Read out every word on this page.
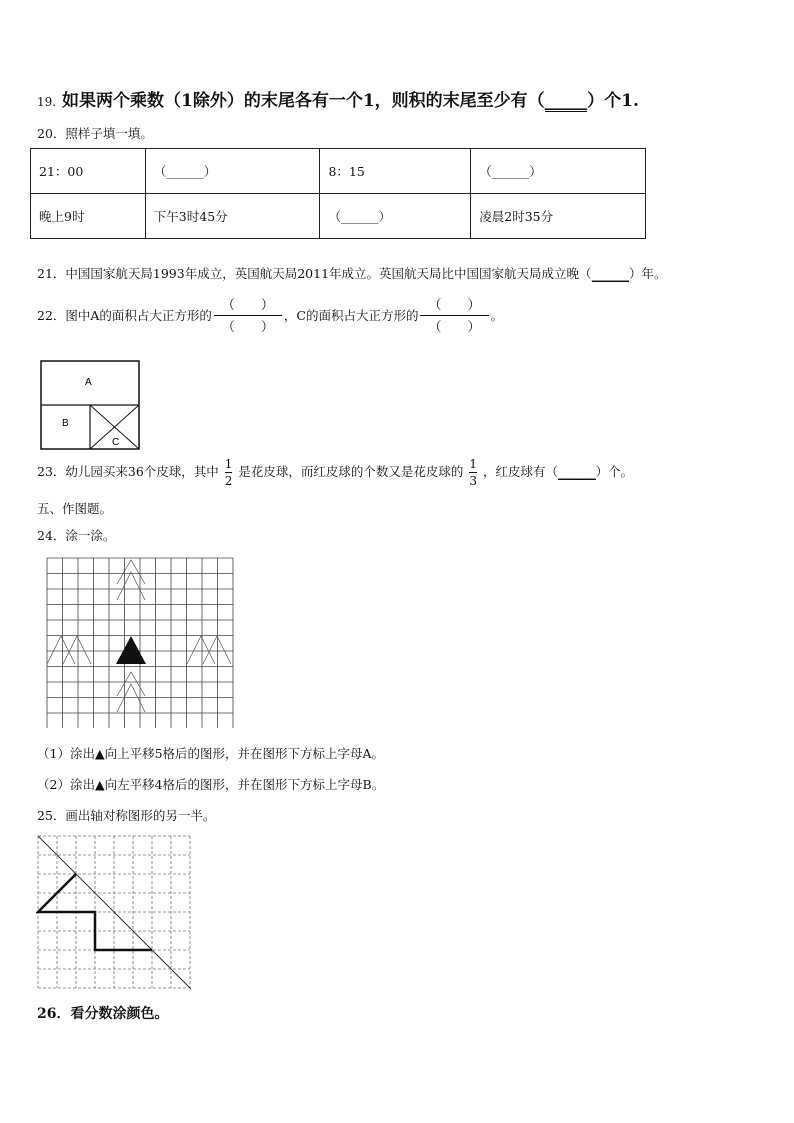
19. 如果两个乘数（1除外）的末尾各有一个1，则积的末尾至少有（_____）个1.
20．照样子填一填。
21：00	（______）	8：15	（______）
晚上9时	下午3时45分	（______）	凌晨2时35分
21．中国国家航天局1993年成立，英国航天局2011年成立。英国航天局比中国国家航天局成立晚（______）年。
22．图中A的面积占大正方形的 $\frac{( )}{( )}$ ，C的面积占大正方形的 $\frac{( )}{( )}$ 。
A
B
C
23．幼儿园买来36个皮球，其中 $\frac{1}{2}$ 是花皮球，而红皮球的个数又是花皮球的 $\frac{1}{3}$ ，红皮球有（______）个。
五、作图题。
24．涂一涂。
（1）涂出▲向上平移5格后的图形，并在图形下方标上字母A。
（2）涂出▲向左平移4格后的图形，并在图形下方标上字母B。
25．画出轴对称图形的另一半。
26．看分数涂颜色。
